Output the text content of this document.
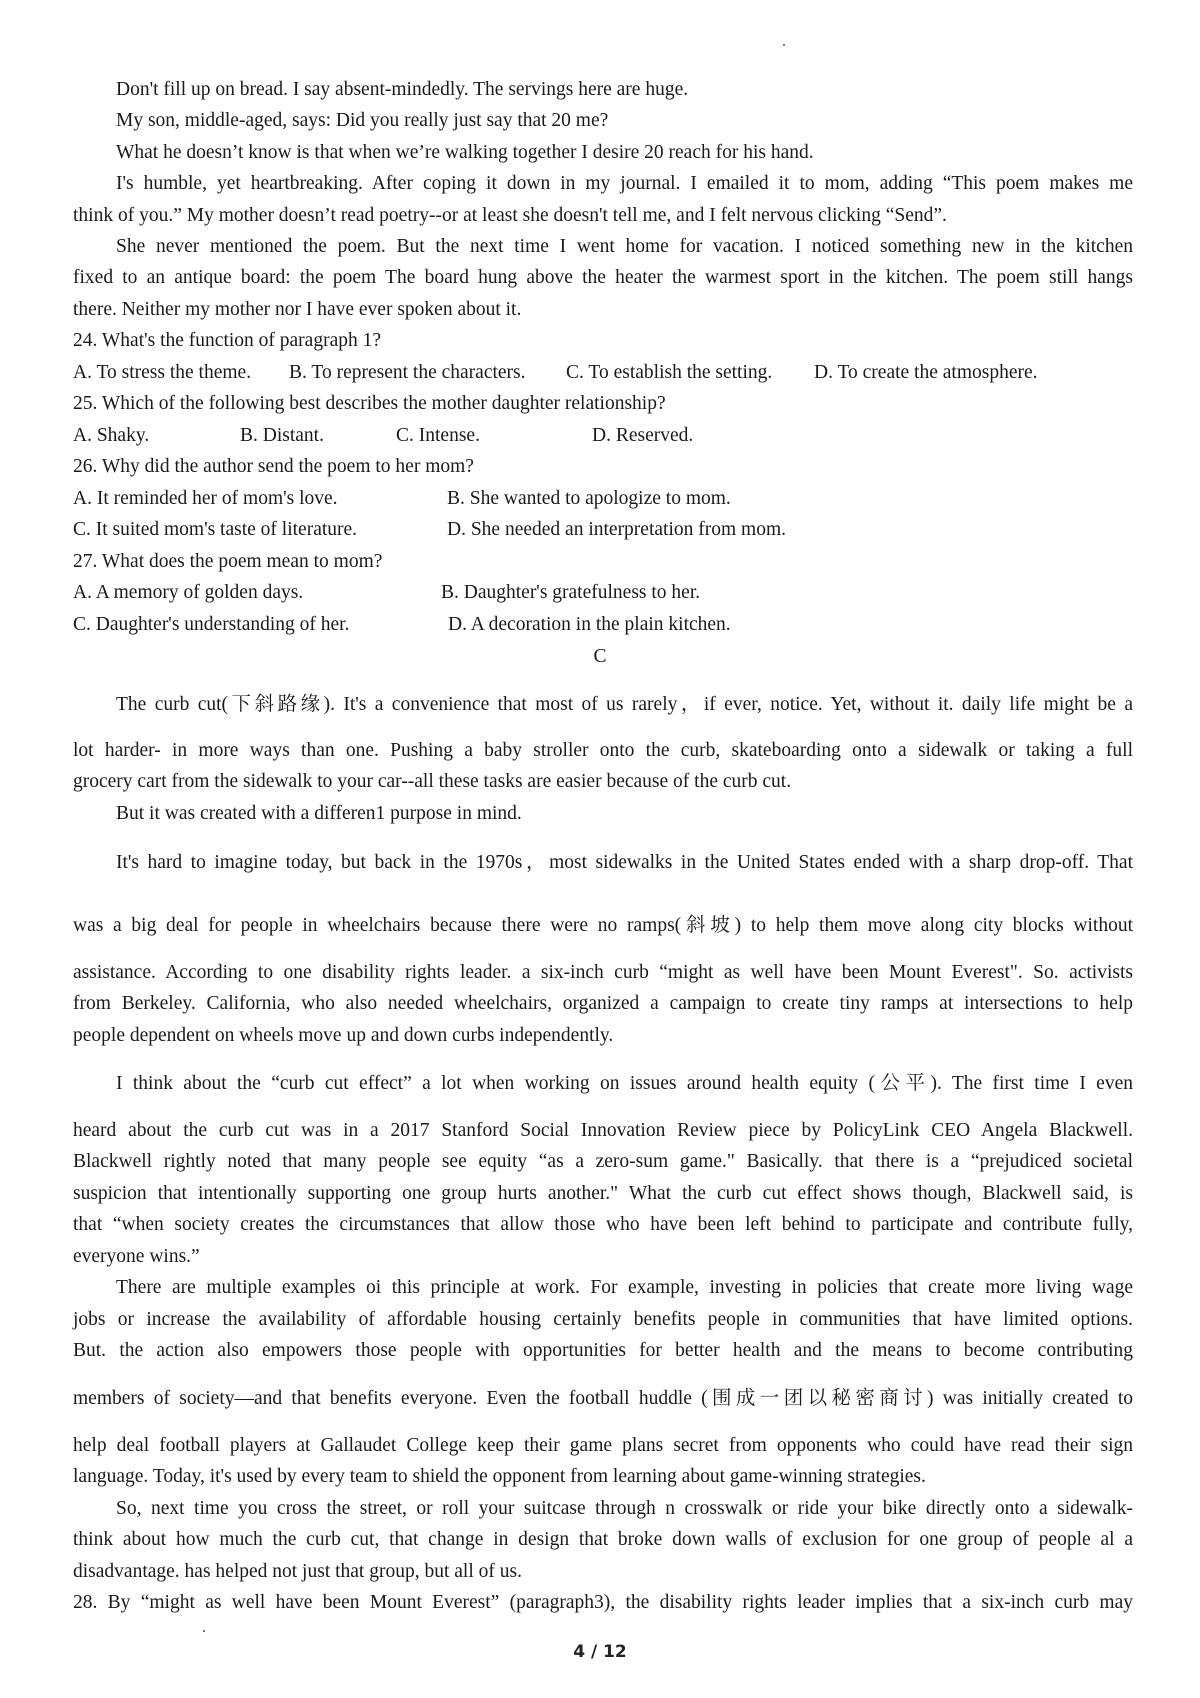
Don't fill up on bread. I say absent-mindedly. The servings here are huge.
My son, middle-aged, says: Did you really just say that 20 me?
What he doesn’t know is that when we’re walking together I desire 20 reach for his hand.
I's humble, yet heartbreaking. After coping it down in my journal. I emailed it to mom, adding “This poem makes me
think of you.” My mother doesn’t read poetry--or at least she doesn't tell me, and I felt nervous clicking “Send”.
She never mentioned the poem. But the next time I went home for vacation. I noticed something new in the kitchen
fixed to an antique board: the poem The board hung above the heater the warmest sport in the kitchen. The poem still hangs
there. Neither my mother nor I have ever spoken about it.
24. What's the function of paragraph 1?
A. To stress the theme. B. To represent the characters. C. To establish the setting. D. To create the atmosphere.
25. Which of the following best describes the mother daughter relationship?
A. Shaky.	B. Distant.	C. Intense.	D. Reserved.
26. Why did the author send the poem to her mom?
A. It reminded her of mom's love.	B. She wanted to apologize to mom.
C. It suited mom's taste of literature.	D. She needed an interpretation from mom.
27. What does the poem mean to mom?
A. A memory of golden days.	B. Daughter's gratefulness to her.
C. Daughter's understanding of her.	D. A decoration in the plain kitchen.
C
The curb cut(下斜路缘). It's a convenience that most of us rarely，if ever, notice. Yet, without it. daily life might be a
lot harder- in more ways than one. Pushing a baby stroller onto the curb, skateboarding onto a sidewalk or taking a full
grocery cart from the sidewalk to your car--all these tasks are easier because of the curb cut.
But it was created with a differen1 purpose in mind.
It's hard to imagine today, but back in the 1970s，most sidewalks in the United States ended with a sharp drop-off. That
was a big deal for people in wheelchairs because there were no ramps(斜坡) to help them move along city blocks without
assistance. According to one disability rights leader. a six-inch curb “might as well have been Mount Everest". So. activists
from Berkeley. California, who also needed wheelchairs, organized a campaign to create tiny ramps at intersections to help
people dependent on wheels move up and down curbs independently.
I think about the “curb cut effect” a lot when working on issues around health equity (公平). The first time I even
heard about the curb cut was in a 2017 Stanford Social Innovation Review piece by PolicyLink CEO Angela Blackwell.
Blackwell rightly noted that many people see equity “as a zero-sum game." Basically. that there is a “prejudiced societal
suspicion that intentionally supporting one group hurts another." What the curb cut effect shows though, Blackwell said, is
that “when society creates the circumstances that allow those who have been left behind to participate and contribute fully,
everyone wins.”
There are multiple examples oi this principle at work. For example, investing in policies that create more living wage
jobs or increase the availability of affordable housing certainly benefits people in communities that have limited options.
But. the action also empowers those people with opportunities for better health and the means to become contributing
members of society—and that benefits everyone. Even the football huddle (围成一团以秘密商讨) was initially created to
help deal football players at Gallaudet College keep their game plans secret from opponents who could have read their sign
language. Today, it's used by every team to shield the opponent from learning about game-winning strategies.
So, next time you cross the street, or roll your suitcase through n crosswalk or ride your bike directly onto a sidewalk-
think about how much the curb cut, that change in design that broke down walls of exclusion for one group of people al a
disadvantage. has helped not just that group, but all of us.
28. By “might as well have been Mount Everest” (paragraph3), the disability rights leader implies that a six-inch curb may
4 / 12
